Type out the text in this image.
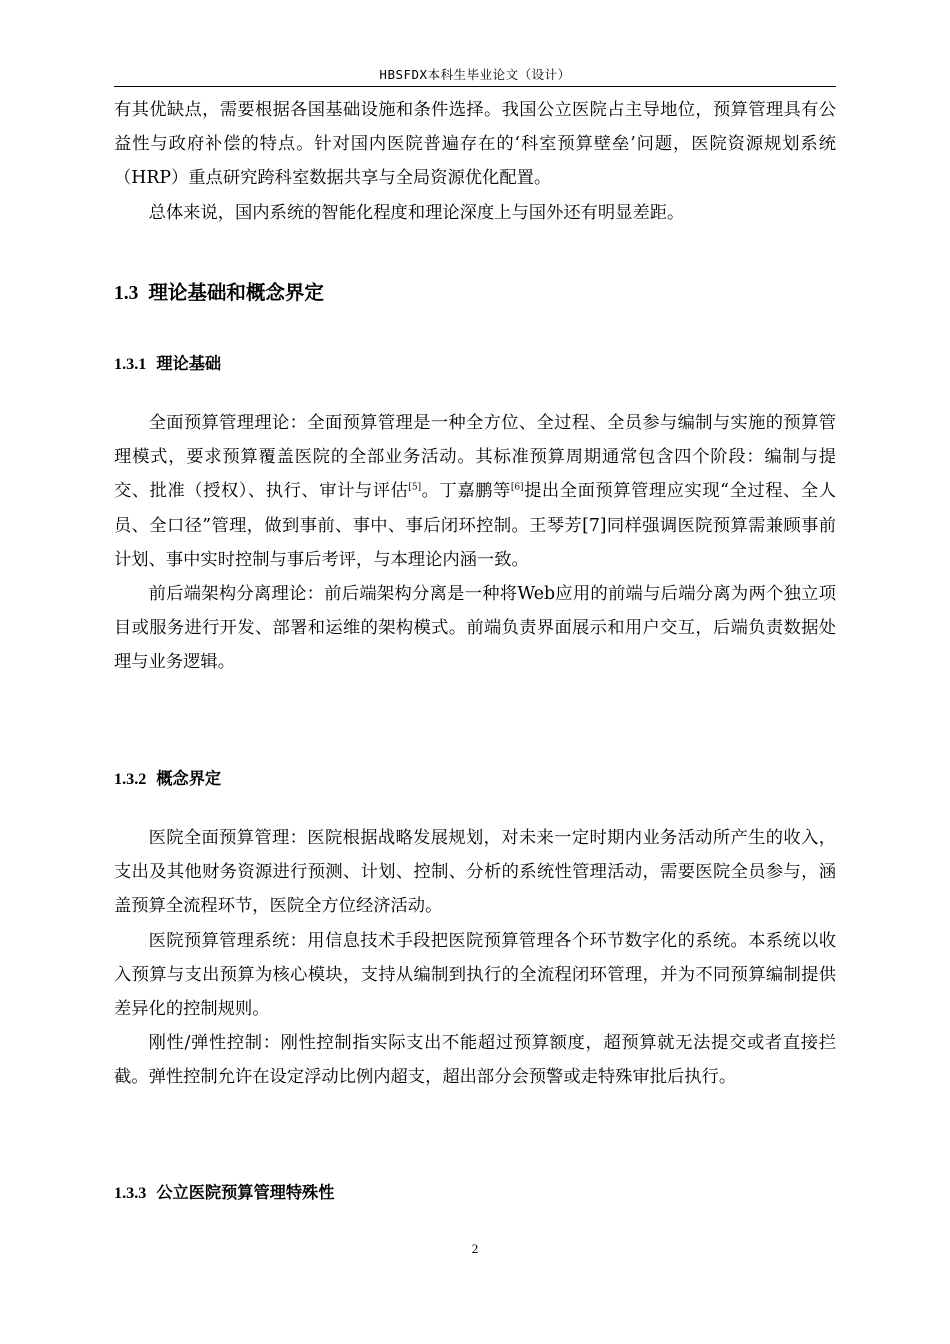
HBSFDX本科生毕业论文（设计）

有其优缺点，需要根据各国基础设施和条件选择。我国公立医院占主导地位，预算管理具有公益性与政府补偿的特点。针对国内医院普遍存在的‘科室预算壁垒’问题，医院资源规划系统（HRP）重点研究跨科室数据共享与全局资源优化配置。

总体来说，国内系统的智能化程度和理论深度上与国外还有明显差距。

1.3 理论基础和概念界定
1.3.1 理论基础

全面预算管理理论：全面预算管理是一种全方位、全过程、全员参与编制与实施的预算管理模式，要求预算覆盖医院的全部业务活动。其标准预算周期通常包含四个阶段：编制与提交、批准（授权）、执行、审计与评估[5]。丁嘉鹏等[6]提出全面预算管理应实现“全过程、全人员、全口径”管理，做到事前、事中、事后闭环控制。王琴芳[7]同样强调医院预算需兼顾事前计划、事中实时控制与事后考评，与本理论内涵一致。

前后端架构分离理论：前后端架构分离是一种将Web应用的前端与后端分离为两个独立项目或服务进行开发、部署和运维的架构模式。前端负责界面展示和用户交互，后端负责数据处理与业务逻辑。

1.3.2 概念界定

医院全面预算管理：医院根据战略发展规划，对未来一定时期内业务活动所产生的收入，支出及其他财务资源进行预测、计划、控制、分析的系统性管理活动，需要医院全员参与，涵盖预算全流程环节，医院全方位经济活动。

医院预算管理系统：用信息技术手段把医院预算管理各个环节数字化的系统。本系统以收入预算与支出预算为核心模块，支持从编制到执行的全流程闭环管理，并为不同预算编制提供差异化的控制规则。

刚性/弹性控制：刚性控制指实际支出不能超过预算额度，超预算就无法提交或者直接拦截。弹性控制允许在设定浮动比例内超支，超出部分会预警或走特殊审批后执行。

1.3.3 公立医院预算管理特殊性
2
